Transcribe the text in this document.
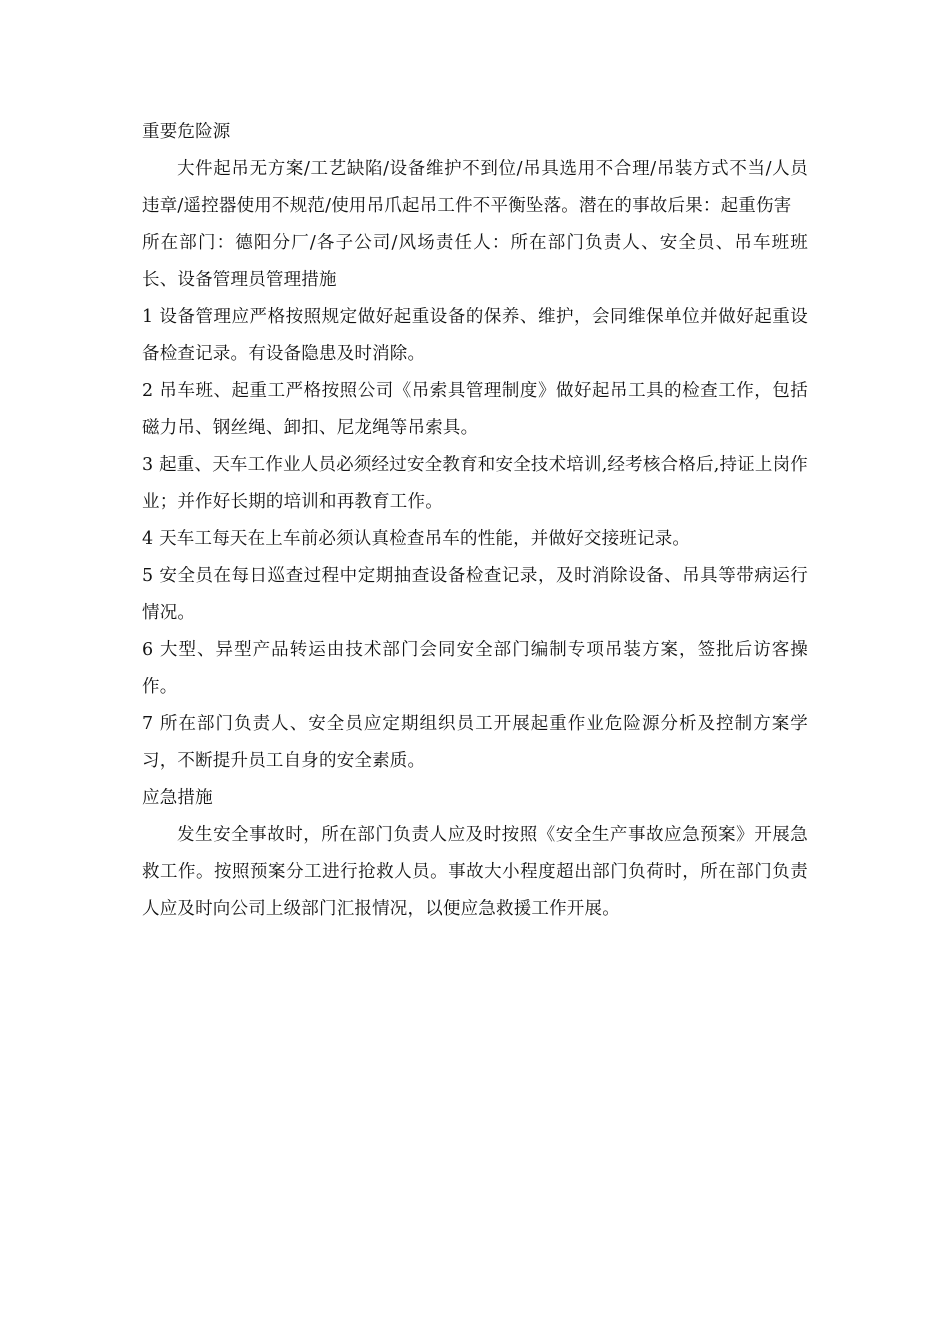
重要危险源

大件起吊无方案/工艺缺陷/设备维护不到位/吊具选用不合理/吊装方式不当/人员违章/遥控器使用不规范/使用吊爪起吊工件不平衡坠落。潜在的事故后果：起重伤害

所在部门：德阳分厂/各子公司/风场责任人：所在部门负责人、安全员、吊车班班长、设备管理员管理措施

1 设备管理应严格按照规定做好起重设备的保养、维护，会同维保单位并做好起重设备检查记录。有设备隐患及时消除。

2 吊车班、起重工严格按照公司《吊索具管理制度》做好起吊工具的检查工作，包括磁力吊、钢丝绳、卸扣、尼龙绳等吊索具。

3 起重、天车工作业人员必须经过安全教育和安全技术培训,经考核合格后,持证上岗作业；并作好长期的培训和再教育工作。

4 天车工每天在上车前必须认真检查吊车的性能，并做好交接班记录。

5 安全员在每日巡查过程中定期抽查设备检查记录，及时消除设备、吊具等带病运行情况。

6 大型、异型产品转运由技术部门会同安全部门编制专项吊装方案，签批后访客操作。

7 所在部门负责人、安全员应定期组织员工开展起重作业危险源分析及控制方案学习，不断提升员工自身的安全素质。

应急措施

发生安全事故时，所在部门负责人应及时按照《安全生产事故应急预案》开展急救工作。按照预案分工进行抢救人员。事故大小程度超出部门负荷时，所在部门负责人应及时向公司上级部门汇报情况，以便应急救援工作开展。
